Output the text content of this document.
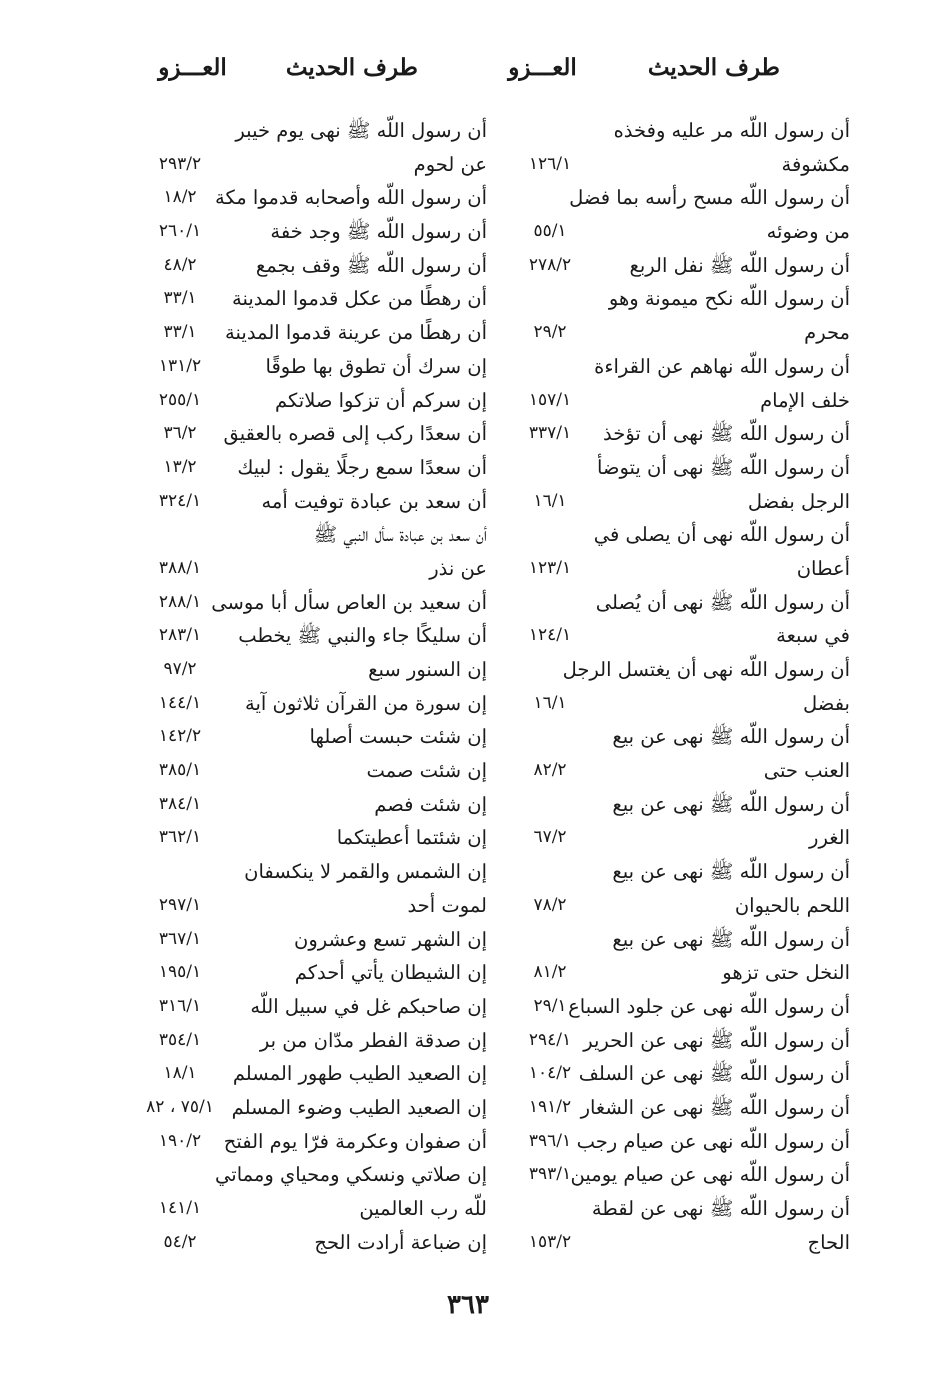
طرف الحديث
العـــزو
طرف الحديث
العـــزو
أن رسول اللّه مر عليه وفخذه
مكشوفة
١٢٦/١
أن رسول اللّه مسح رأسه بما فضل
من وضوئه
٥٥/١
أن رسول اللّه ﷺ نفل الربع
٢٧٨/٢
أن رسول اللّه نكح ميمونة وهو
محرم
٢٩/٢
أن رسول اللّه نهاهم عن القراءة
خلف الإمام
١٥٧/١
أن رسول اللّه ﷺ نهى أن تؤخذ
٣٣٧/١
أن رسول اللّه ﷺ نهى أن يتوضأ
الرجل بفضل
١٦/١
أن رسول اللّه نهى أن يصلى في
أعطان
١٢٣/١
أن رسول اللّه ﷺ نهى أن يُصلى
في سبعة
١٢٤/١
أن رسول اللّه نهى أن يغتسل الرجل
بفضل
١٦/١
أن رسول اللّه ﷺ نهى عن بيع
العنب حتى
٨٢/٢
أن رسول اللّه ﷺ نهى عن بيع
الغرر
٦٧/٢
أن رسول اللّه ﷺ نهى عن بيع
اللحم بالحيوان
٧٨/٢
أن رسول اللّه ﷺ نهى عن بيع
النخل حتى تزهو
٨١/٢
أن رسول اللّه نهى عن جلود السباع
٢٩/١
أن رسول اللّه ﷺ نهى عن الحرير
٢٩٤/١
أن رسول اللّه ﷺ نهى عن السلف
١٠٤/٢
أن رسول اللّه ﷺ نهى عن الشغار
١٩١/٢
أن رسول اللّه نهى عن صيام رجب
٣٩٦/١
أن رسول اللّه نهى عن صيام يومين
٣٩٣/١
أن رسول اللّه ﷺ نهى عن لقطة
الحاج
١٥٣/٢
أن رسول اللّه ﷺ نهى يوم خيبر
عن لحوم
٢٩٣/٢
أن رسول اللّه وأصحابه قدموا مكة
١٨/٢
أن رسول اللّه ﷺ وجد خفة
٢٦٠/١
أن رسول اللّه ﷺ وقف بجمع
٤٨/٢
أن رهطًا من عكل قدموا المدينة
٣٣/١
أن رهطًا من عرينة قدموا المدينة
٣٣/١
إن سرك أن تطوق بها طوقًا
١٣١/٢
إن سركم أن تزكوا صلاتكم
٢٥٥/١
أن سعدًا ركب إلى قصره بالعقيق
٣٦/٢
أن سعدًا سمع رجلًا يقول : لبيك
١٣/٢
أن سعد بن عبادة توفيت أمه
٣٢٤/١
أن سعد بن عبادة سأل النبي ﷺ
عن نذر
٣٨٨/١
أن سعيد بن العاص سأل أبا موسى
٢٨٨/١
أن سليكًا جاء والنبي ﷺ يخطب
٢٨٣/١
إن السنور سبع
٩٧/٢
إن سورة من القرآن ثلاثون آية
١٤٤/١
إن شئت حبست أصلها
١٤٢/٢
إن شئت صمت
٣٨٥/١
إن شئت فصم
٣٨٤/١
إن شئتما أعطيتكما
٣٦٢/١
إن الشمس والقمر لا ينكسفان
لموت أحد
٢٩٧/١
إن الشهر تسع وعشرون
٣٦٧/١
إن الشيطان يأتي أحدكم
١٩٥/١
إن صاحبكم غل في سبيل اللّه
٣١٦/١
إن صدقة الفطر مدّان من بر
٣٥٤/١
إن الصعيد الطيب طهور المسلم
١٨/١
إن الصعيد الطيب وضوء المسلم
٧٥/١ ، ٨٢
أن صفوان وعكرمة فرّا يوم الفتح
١٩٠/٢
إن صلاتي ونسكي ومحياي ومماتي
للّه رب العالمين
١٤١/١
إن ضباعة أرادت الحج
٥٤/٢
٣٦٣
